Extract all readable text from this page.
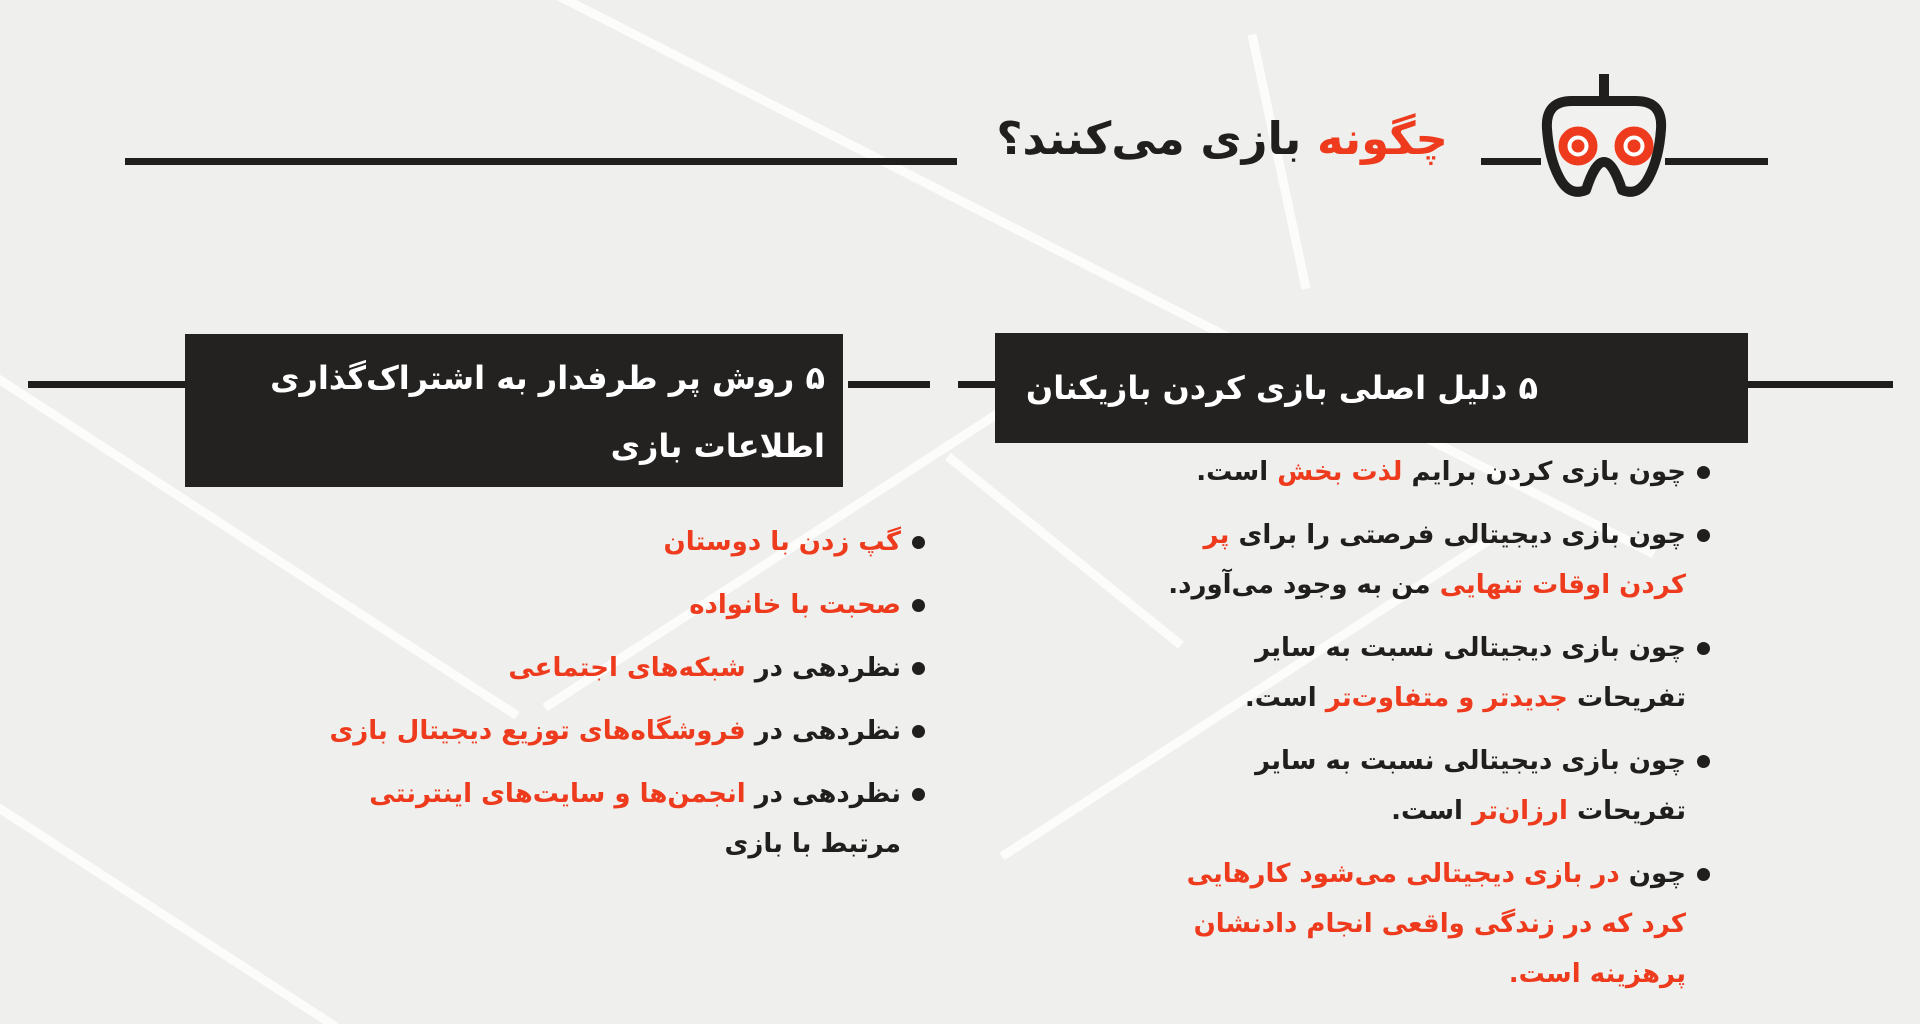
چگونه بازی می‌کنند؟
۵ روش پر طرفدار به اشتراک‌گذاری
اطلاعات بازی
۵ دلیل اصلی بازی کردن بازیکنان
چون بازی کردن برایم لذت بخش است.
چون بازی دیجیتالی فرصتی را برای پر کردن اوقات تنهایی من به وجود می‌آورد.
چون بازی دیجیتالی نسبت به سایر تفریحات جدیدتر و متفاوت‌تر است.
چون بازی دیجیتالی نسبت به سایر تفریحات ارزان‌تر است.
چون در بازی دیجیتالی می‌شود کارهایی کرد که در زندگی واقعی انجام دادنشان پرهزینه است.
گپ زدن با دوستان
صحبت با خانواده
نظردهی در شبکه‌های اجتماعی
نظردهی در فروشگاه‌های توزیع دیجیتال بازی
نظردهی در انجمن‌ها و سایت‌های اینترنتی مرتبط با بازی
